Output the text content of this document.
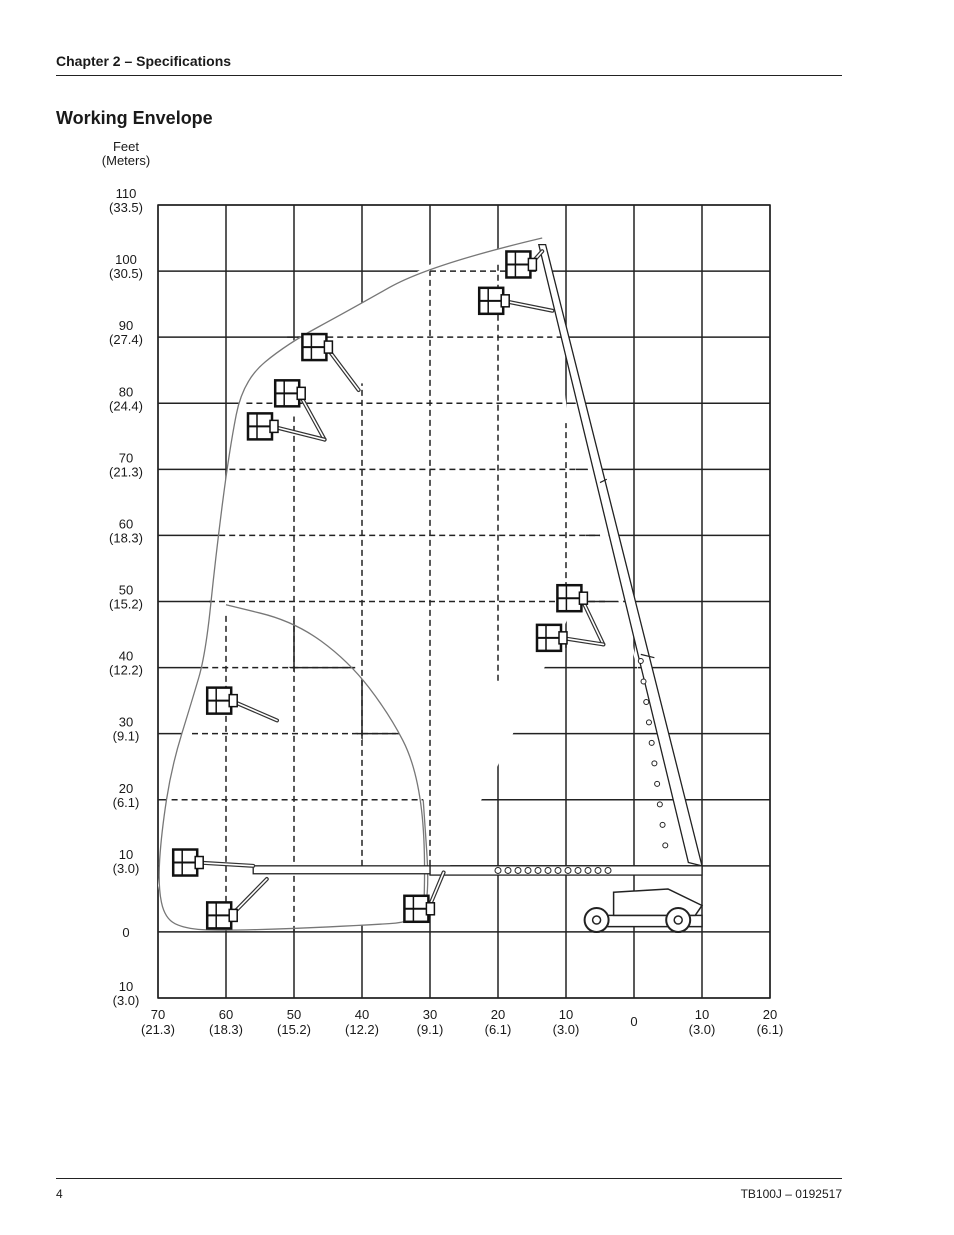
Chapter 2 – Specifications
Working Envelope
Feet
(Meters)
110
(33.5)
100
(30.5)
90
(27.4)
80
(24.4)
70
(21.3)
60
(18.3)
50
(15.2)
40
(12.2)
30
(9.1)
20
(6.1)
10
(3.0)
0
10
(3.0)
70
(21.3)
60
(18.3)
50
(15.2)
40
(12.2)
30
(9.1)
20
(6.1)
10
(3.0)
0	10
(3.0)
20
(6.1)
4	TB100J – 0192517
